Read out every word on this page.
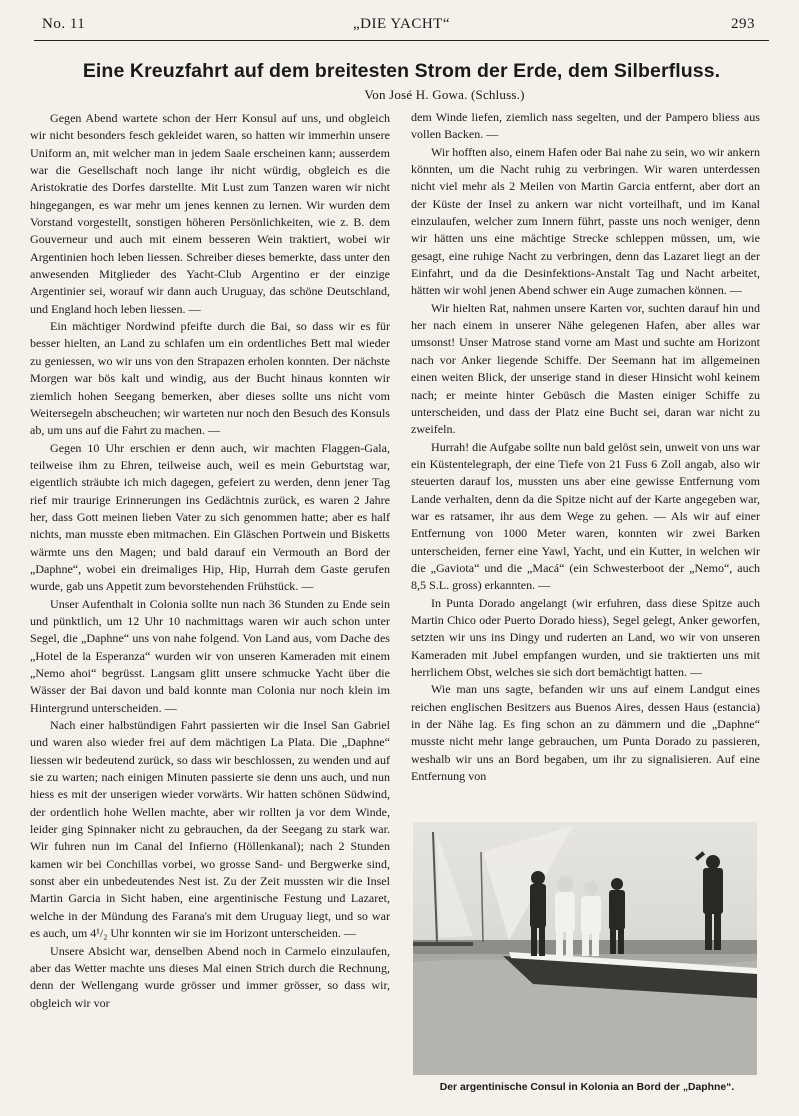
No. 11	„DIE YACHT“	293
Eine Kreuzfahrt auf dem breitesten Strom der Erde, dem Silberfluss.
Von José H. Gowa. (Schluss.)

Gegen Abend wartete schon der Herr Konsul auf uns, und obgleich wir nicht besonders fesch gekleidet waren, so hatten wir immerhin unsere Uniform an, mit welcher man in jedem Saale erscheinen kann; ausserdem war die Gesellschaft noch lange ihr nicht würdig, obgleich es die Aristokratie des Dorfes darstellte. Mit Lust zum Tanzen waren wir nicht hingegangen, es war mehr um jenes kennen zu lernen. Wir wurden dem Vorstand vorgestellt, sonstigen höheren Persönlichkeiten, wie z. B. dem Gouverneur und auch mit einem besseren Wein traktiert, wobei wir Argentinien hoch leben liessen. Schreiber dieses bemerkte, dass unter den anwesenden Mitglieder des Yacht-Club Argentino er der einzige Argentinier sei, worauf wir dann auch Uruguay, das schöne Deutschland, und England hoch leben liessen. —

Ein mächtiger Nordwind pfeifte durch die Bai, so dass wir es für besser hielten, an Land zu schlafen um ein ordentliches Bett mal wieder zu geniessen, wo wir uns von den Strapazen erholen konnten. Der nächste Morgen war bös kalt und windig, aus der Bucht hinaus konnten wir ziemlich hohen Seegang bemerken, aber dieses sollte uns nicht vom Weitersegeln abscheuchen; wir warteten nur noch den Besuch des Konsuls ab, um uns auf die Fahrt zu machen. —

Gegen 10 Uhr erschien er denn auch, wir machten Flaggen-Gala, teilweise ihm zu Ehren, teilweise auch, weil es mein Geburtstag war, eigentlich sträubte ich mich dagegen, gefeiert zu werden, denn jener Tag rief mir traurige Erinnerungen ins Gedächtnis zurück, es waren 2 Jahre her, dass Gott meinen lieben Vater zu sich genommen hatte; aber es half nichts, man musste eben mitmachen. Ein Gläschen Portwein und Bisketts wärmte uns den Magen; und bald darauf ein Vermouth an Bord der „Daphne“, wobei ein dreimaliges Hip, Hip, Hurrah dem Gaste gerufen wurde, gab uns Appetit zum bevorstehenden Frühstück. —

Unser Aufenthalt in Colonia sollte nun nach 36 Stunden zu Ende sein und pünktlich, um 12 Uhr 10 nachmittags waren wir auch schon unter Segel, die „Daphne“ uns von nahe folgend. Von Land aus, vom Dache des „Hotel de la Esperanza“ wurden wir von unseren Kameraden mit einem „Nemo ahoi“ begrüsst. Langsam glitt unsere schmucke Yacht über die Wässer der Bai davon und bald konnte man Colonia nur noch klein im Hintergrund unterscheiden. —

Nach einer halbstündigen Fahrt passierten wir die Insel San Gabriel und waren also wieder frei auf dem mächtigen La Plata. Die „Daphne“ liessen wir bedeutend zurück, so dass wir beschlossen, zu wenden und auf sie zu warten; nach einigen Minuten passierte sie denn uns auch, und nun hiess es mit der unserigen wieder vorwärts. Wir hatten schönen Südwind, der ordentlich hohe Wellen machte, aber wir rollten ja vor dem Winde, leider ging Spinnaker nicht zu gebrauchen, da der Seegang zu stark war. Wir fuhren nun im Canal del Infierno (Höllenkanal); nach 2 Stunden kamen wir bei Conchillas vorbei, wo grosse Sand- und Bergwerke sind, sonst aber ein unbedeutendes Nest ist. Zu der Zeit mussten wir die Insel Martin Garcia in Sicht haben, eine argentinische Festung und Lazaret, welche in der Mündung des Farana's mit dem Uruguay liegt, und so war es auch, um 4¹/₂ Uhr konnten wir sie im Horizont unterscheiden. —

Unsere Absicht war, denselben Abend noch in Carmelo einzulaufen, aber das Wetter machte uns dieses Mal einen Strich durch die Rechnung, denn der Wellengang wurde grösser und immer grösser, so dass wir, obgleich wir vor

dem Winde liefen, ziemlich nass segelten, und der Pampero bliess aus vollen Backen. —

Wir hofften also, einem Hafen oder Bai nahe zu sein, wo wir ankern könnten, um die Nacht ruhig zu verbringen. Wir waren unterdessen nicht viel mehr als 2 Meilen von Martin Garcia entfernt, aber dort an der Küste der Insel zu ankern war nicht vorteilhaft, und im Kanal einzulaufen, welcher zum Innern führt, passte uns noch weniger, denn wir hätten uns eine mächtige Strecke schleppen müssen, um, wie gesagt, eine ruhige Nacht zu verbringen, denn das Lazaret liegt an der Einfahrt, und da die Desinfektions-Anstalt Tag und Nacht arbeitet, hätten wir wohl jenen Abend schwer ein Auge zumachen können. —

Wir hielten Rat, nahmen unsere Karten vor, suchten darauf hin und her nach einem in unserer Nähe gelegenen Hafen, aber alles war umsonst! Unser Matrose stand vorne am Mast und suchte am Horizont nach vor Anker liegende Schiffe. Der Seemann hat im allgemeinen einen weiten Blick, der unserige stand in dieser Hinsicht wohl keinem nach; er meinte hinter Gebüsch die Masten einiger Schiffe zu unterscheiden, und dass der Platz eine Bucht sei, daran war nicht zu zweifeln.

Hurrah! die Aufgabe sollte nun bald gelöst sein, unweit von uns war ein Küstentelegraph, der eine Tiefe von 21 Fuss 6 Zoll angab, also wir steuerten darauf los, mussten uns aber eine gewisse Entfernung vom Lande verhalten, denn da die Spitze nicht auf der Karte angegeben war, war es ratsamer, ihr aus dem Wege zu gehen. — Als wir auf einer Entfernung von 1000 Meter waren, konnten wir zwei Barken unterscheiden, ferner eine Yawl, Yacht, und ein Kutter, in welchen wir die „Gaviota“ und die „Macá“ (ein Schwesterboot der „Nemo“, auch 8,5 S.L. gross) erkannten. —

In Punta Dorado angelangt (wir erfuhren, dass diese Spitze auch Martin Chico oder Puerto Dorado hiess), Segel gelegt, Anker geworfen, setzten wir uns ins Dingy und ruderten an Land, wo wir von unseren Kameraden mit Jubel empfangen wurden, und sie traktierten uns mit herrlichem Obst, welches sie sich dort bemächtigt hatten. —

Wie man uns sagte, befanden wir uns auf einem Landgut eines reichen englischen Besitzers aus Buenos Aires, dessen Haus (estancia) in der Nähe lag. Es fing schon an zu dämmern und die „Daphne“ musste nicht mehr lange gebrauchen, um Punta Dorado zu passieren, weshalb wir uns an Bord begaben, um ihr zu signalisieren. Auf eine Entfernung von

Der argentinische Consul in Kolonia an Bord der „Daphne“.
